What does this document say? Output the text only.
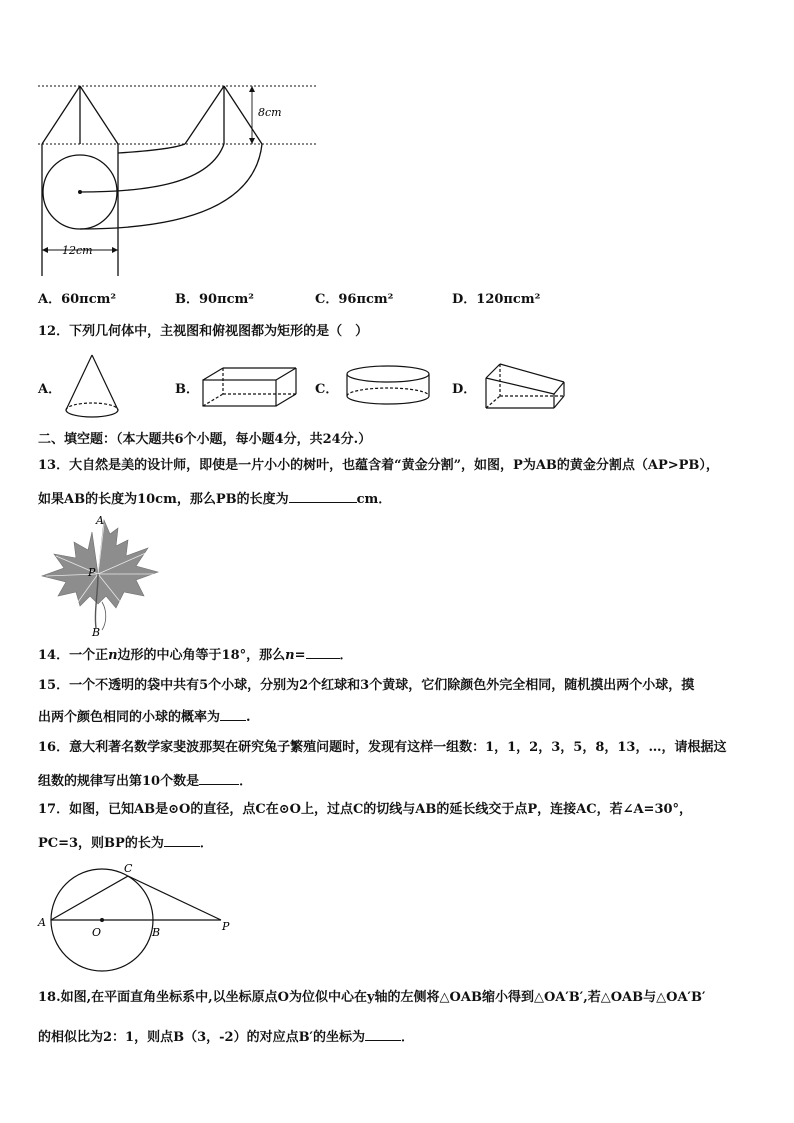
8cm
12cm
A．60πcm²	B．90πcm²	C．96πcm²	D．120πcm²
12．下列几何体中，主视图和俯视图都为矩形的是（　）
A．	B．	C．	D．
二、填空题：（本大题共6个小题，每小题4分，共24分.）
13．大自然是美的设计师，即使是一片小小的树叶，也蕴含着“黄金分割”，如图，P为AB的黄金分割点（AP>PB），
如果AB的长度为10cm，那么PB的长度为	cm．
A
P
B
14．一个正n边形的中心角等于18°，那么n=	．
15．一个不透明的袋中共有5个小球，分别为2个红球和3个黄球，它们除颜色外完全相同，随机摸出两个小球，摸
出两个颜色相同的小球的概率为 .
16．意大利著名数学家斐波那契在研究兔子繁殖问题时，发现有这样一组数：1，1，2，3，5，8，13，…，请根据这
组数的规律写出第10个数是	．
17．如图，已知AB是⊙O的直径，点C在⊙O上，过点C的切线与AB的延长线交于点P，连接AC，若∠A=30°，
PC=3，则BP的长为	．
C
A
O	B	P
18.如图,在平面直角坐标系中,以坐标原点O为位似中心在y轴的左侧将△OAB缩小得到△OA′B′,若△OAB与△OA′B′
的相似比为2：1，则点B（3，-2）的对应点B′的坐标为	．
